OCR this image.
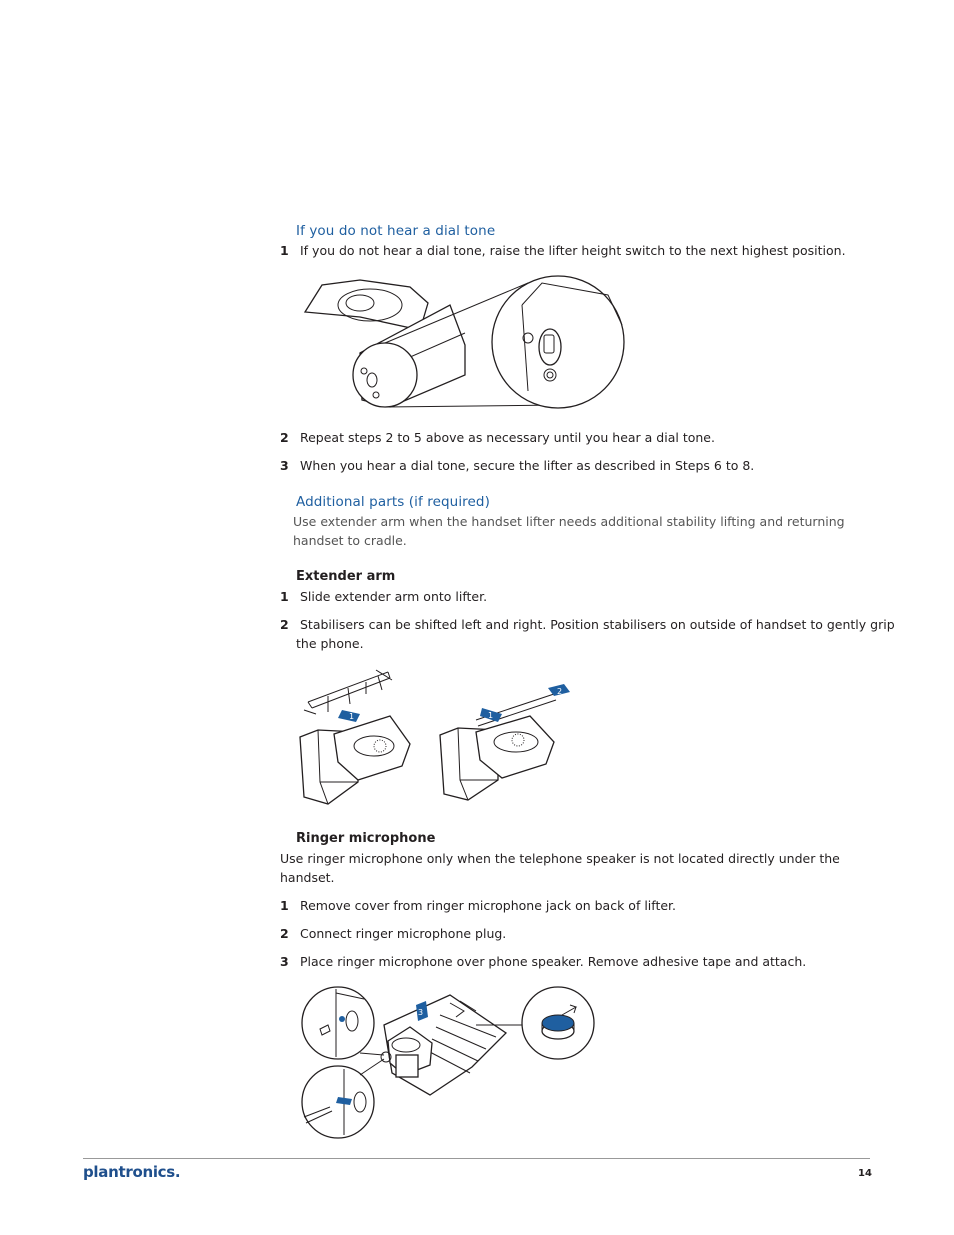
If you do not hear a dial tone
1 If you do not hear a dial tone, raise the lifter height switch to the next highest position.
2 Repeat steps 2 to 5 above as necessary until you hear a dial tone.
3 When you hear a dial tone, secure the lifter as described in Steps 6 to 8.
Additional parts (if required)
Use extender arm when the handset lifter needs additional stability lifting and returning
handset to cradle.
Extender arm
1 Slide extender arm onto lifter.
2 Stabilisers can be shifted left and right. Position stabilisers on outside of handset to gently grip
the phone.
1
2
1
Ringer microphone
Use ringer microphone only when the telephone speaker is not located directly under the
handset.
1 Remove cover from ringer microphone jack on back of lifter.
2 Connect ringer microphone plug.
3 Place ringer microphone over phone speaker. Remove adhesive tape and attach.
3
plantronics.	14
